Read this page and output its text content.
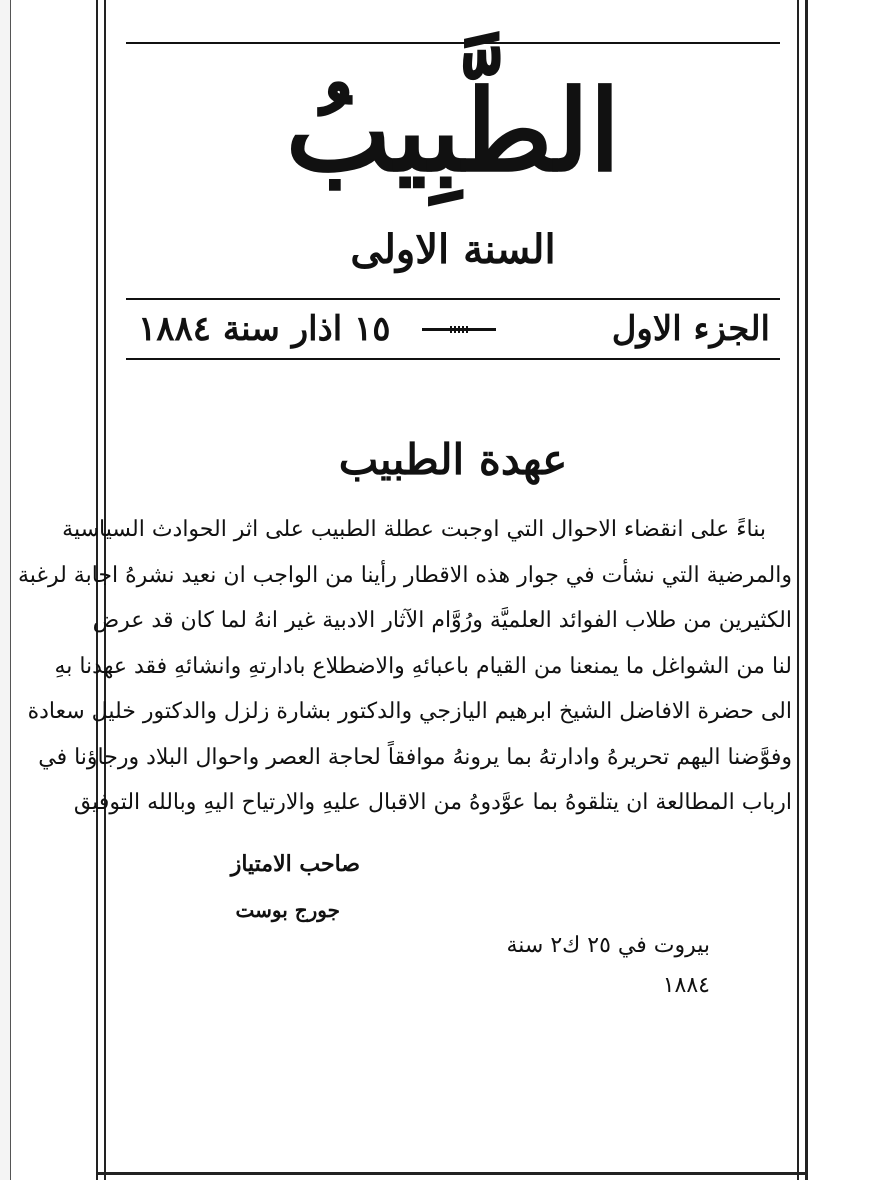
الطَّبِيبُ
السنة الاولى
الجزء الاول
١٥ اذار سنة ١٨٨٤
عهدة الطبيب
بناءً على انقضاء الاحوال التي اوجبت عطلة الطبيب على اثر الحوادث السياسية
والمرضية التي نشأت في جوار هذه الاقطار رأينا من الواجب ان نعيد نشرهُ اجابة لرغبة
الكثيرين من طلاب الفوائد العلميَّة ورُوَّام الآثار الادبية غير انهُ لما كان قد عرض
لنا من الشواغل ما يمنعنا من القيام باعبائهِ والاضطلاع بادارتهِ وانشائهِ فقد عهدنا بهِ
الى حضرة الافاضل الشيخ ابرهيم اليازجي والدكتور بشارة زلزل والدكتور خليل سعادة
وفوَّضنا اليهم تحريرهُ وادارتهُ بما يرونهُ موافقاً لحاجة العصر واحوال البلاد ورجاؤنا في
ارباب المطالعة ان يتلقوهُ بما عوَّدوهُ من الاقبال عليهِ والارتياح اليهِ وبالله التوفيق
صاحب الامتياز
جورج بوست
بيروت في ٢٥ ك٢ سنة ١٨٨٤
